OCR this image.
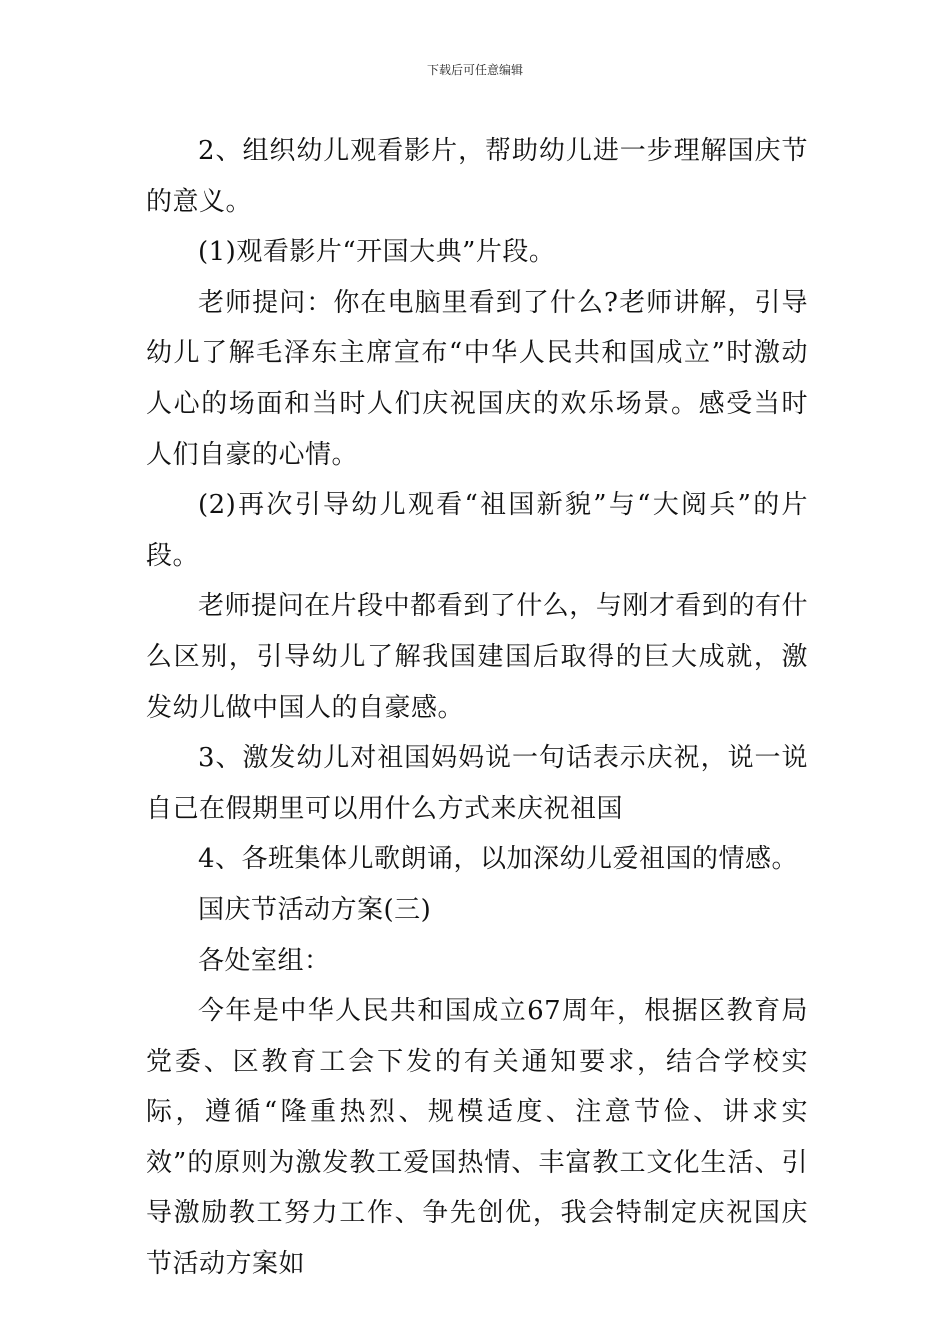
下载后可任意编辑

2、组织幼儿观看影片，帮助幼儿进一步理解国庆节的意义。

(1)观看影片“开国大典”片段。

老师提问：你在电脑里看到了什么?老师讲解，引导幼儿了解毛泽东主席宣布“中华人民共和国成立”时激动人心的场面和当时人们庆祝国庆的欢乐场景。感受当时人们自豪的心情。

(2)再次引导幼儿观看“祖国新貌”与“大阅兵”的片段。

老师提问在片段中都看到了什么，与刚才看到的有什么区别，引导幼儿了解我国建国后取得的巨大成就，激发幼儿做中国人的自豪感。

3、激发幼儿对祖国妈妈说一句话表示庆祝，说一说自己在假期里可以用什么方式来庆祝祖国

4、各班集体儿歌朗诵，以加深幼儿爱祖国的情感。

国庆节活动方案(三)

各处室组：

今年是中华人民共和国成立67周年，根据区教育局党委、区教育工会下发的有关通知要求，结合学校实际，遵循“隆重热烈、规模适度、注意节俭、讲求实效”的原则为激发教工爱国热情、丰富教工文化生活、引导激励教工努力工作、争先创优，我会特制定庆祝国庆节活动方案如
